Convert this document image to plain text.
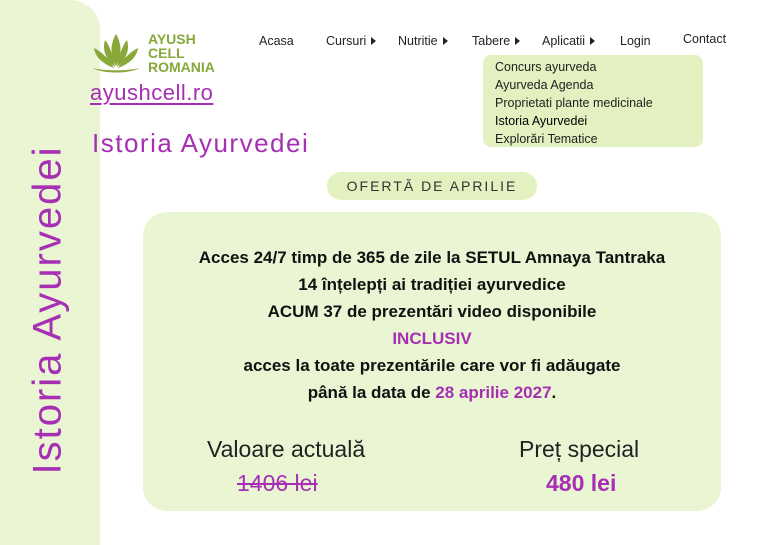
Istoria Ayurvedei
AYUSH
CELL
ROMANIA
ayushcell.ro
Istoria Ayurvedei
Acasa	Cursuri	Nutritie	Tabere	Aplicatii	Login	Contact
Concurs ayurveda
Ayurveda Agenda
Proprietati plante medicinale
Istoria Ayurvedei
Explorări Tematice
OFERTĂ DE APRILIE
Acces 24/7 timp de 365 de zile la SETUL Amnaya Tantraka
14 înțelepți ai tradiției ayurvedice
ACUM 37 de prezentări video disponibile
INCLUSIV
acces la toate prezentările care vor fi adăugate
până la data de 28 aprilie 2027.
Valoare actuală
1406 lei
Preț special
480 lei
